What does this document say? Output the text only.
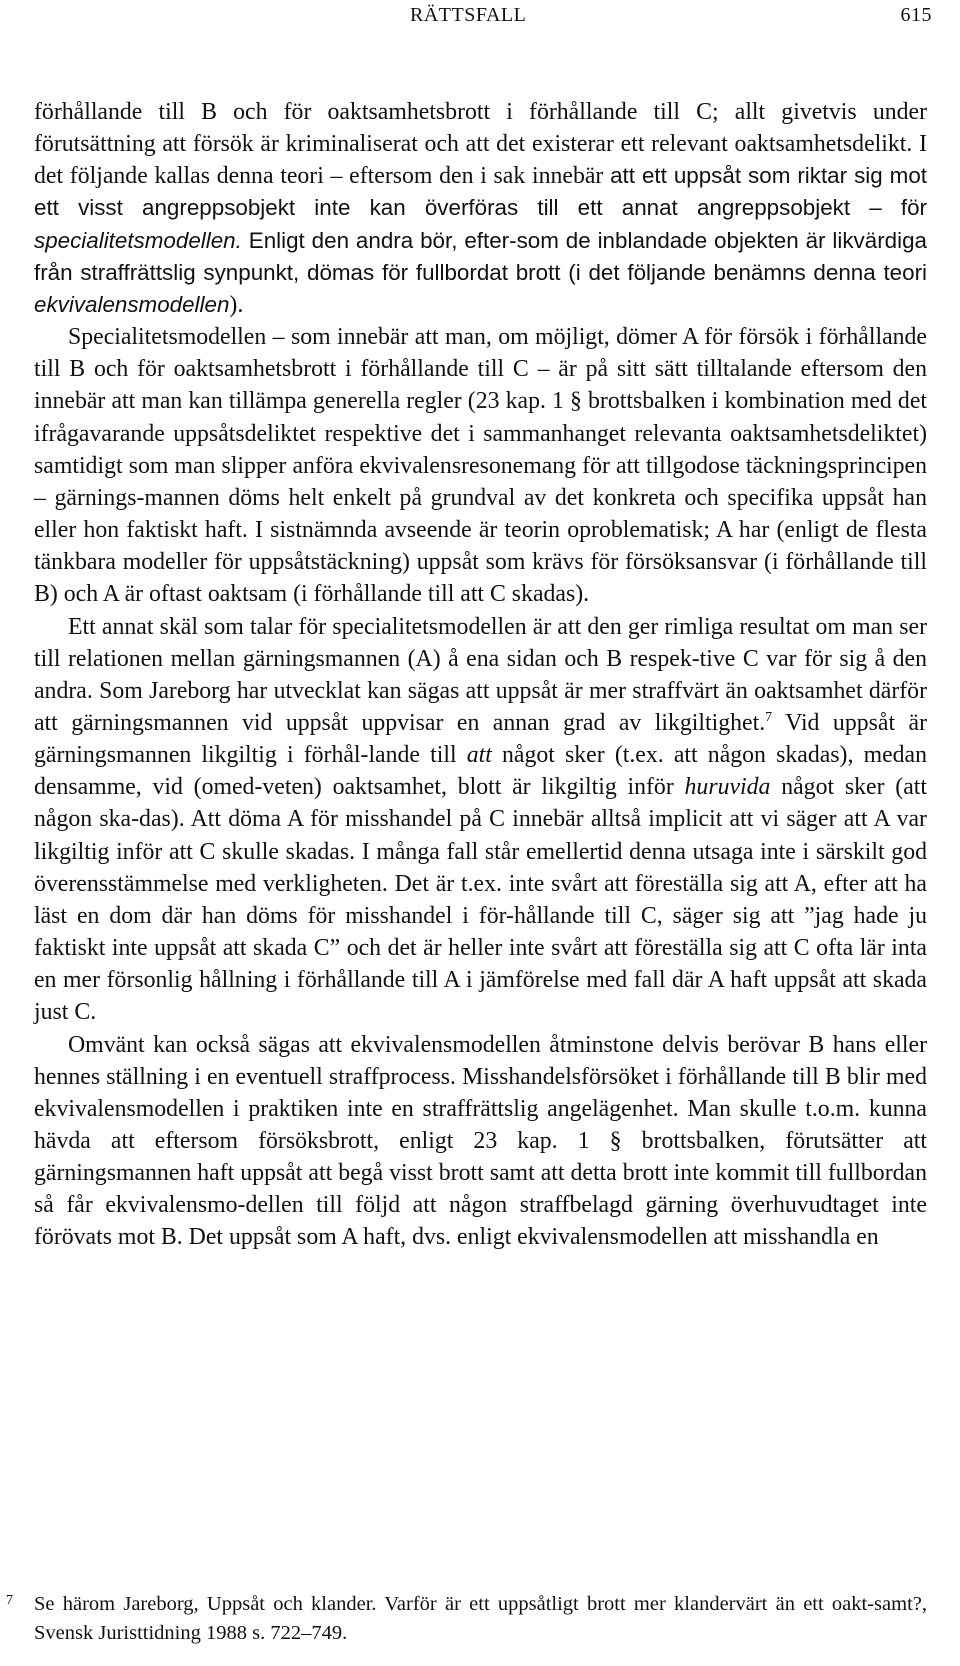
RÄTTSFALL	615

förhållande till B och för oaktsamhetsbrott i förhållande till C; allt givetvis under förutsättning att försök är kriminaliserat och att det existerar ett relevant oaktsamhetsdelikt. I det följande kallas denna teori – eftersom den i sak innebär att ett uppsåt som riktar sig mot ett visst angreppsobjekt inte kan överföras till ett annat angreppsobjekt – för specialitetsmodellen. Enligt den andra bör, efter-som de inblandade objekten är likvärdiga från straffrättslig synpunkt, dömas för fullbordat brott (i det följande benämns denna teori ekvivalensmodellen).

Specialitetsmodellen – som innebär att man, om möjligt, dömer A för försök i förhållande till B och för oaktsamhetsbrott i förhållande till C – är på sitt sätt tilltalande eftersom den innebär att man kan tillämpa generella regler (23 kap. 1 § brottsbalken i kombination med det ifrågavarande uppsåtsdeliktet respektive det i sammanhanget relevanta oaktsamhetsdeliktet) samtidigt som man slipper anföra ekvivalensresonemang för att tillgodose täckningsprincipen – gärnings-mannen döms helt enkelt på grundval av det konkreta och specifika uppsåt han eller hon faktiskt haft. I sistnämnda avseende är teorin oproblematisk; A har (enligt de flesta tänkbara modeller för uppsåtstäckning) uppsåt som krävs för försöksansvar (i förhållande till B) och A är oftast oaktsam (i förhållande till att C skadas).

Ett annat skäl som talar för specialitetsmodellen är att den ger rimliga resultat om man ser till relationen mellan gärningsmannen (A) å ena sidan och B respek-tive C var för sig å den andra. Som Jareborg har utvecklat kan sägas att uppsåt är mer straffvärt än oaktsamhet därför att gärningsmannen vid uppsåt uppvisar en annan grad av likgiltighet.$^7$ Vid uppsåt är gärningsmannen likgiltig i förhål-lande till att något sker (t.ex. att någon skadas), medan densamme, vid (omed-veten) oaktsamhet, blott är likgiltig inför huruvida något sker (att någon ska-das). Att döma A för misshandel på C innebär alltså implicit att vi säger att A var likgiltig inför att C skulle skadas. I många fall står emellertid denna utsaga inte i särskilt god överensstämmelse med verkligheten. Det är t.ex. inte svårt att föreställa sig att A, efter att ha läst en dom där han döms för misshandel i för-hållande till C, säger sig att ”jag hade ju faktiskt inte uppsåt att skada C” och det är heller inte svårt att föreställa sig att C ofta lär inta en mer försonlig hållning i förhållande till A i jämförelse med fall där A haft uppsåt att skada just C.

Omvänt kan också sägas att ekvivalensmodellen åtminstone delvis berövar B hans eller hennes ställning i en eventuell straffprocess. Misshandelsförsöket i förhållande till B blir med ekvivalensmodellen i praktiken inte en straffrättslig angelägenhet. Man skulle t.o.m. kunna hävda att eftersom försöksbrott, enligt 23 kap. 1 § brottsbalken, förutsätter att gärningsmannen haft uppsåt att begå visst brott samt att detta brott inte kommit till fullbordan så får ekvivalensmo-dellen till följd att någon straffbelagd gärning överhuvudtaget inte förövats mot B. Det uppsåt som A haft, dvs. enligt ekvivalensmodellen att misshandla en

7 Se härom Jareborg, Uppsåt och klander. Varför är ett uppsåtligt brott mer klandervärt än ett oakt-samt?, Svensk Juristtidning 1988 s. 722–749.
